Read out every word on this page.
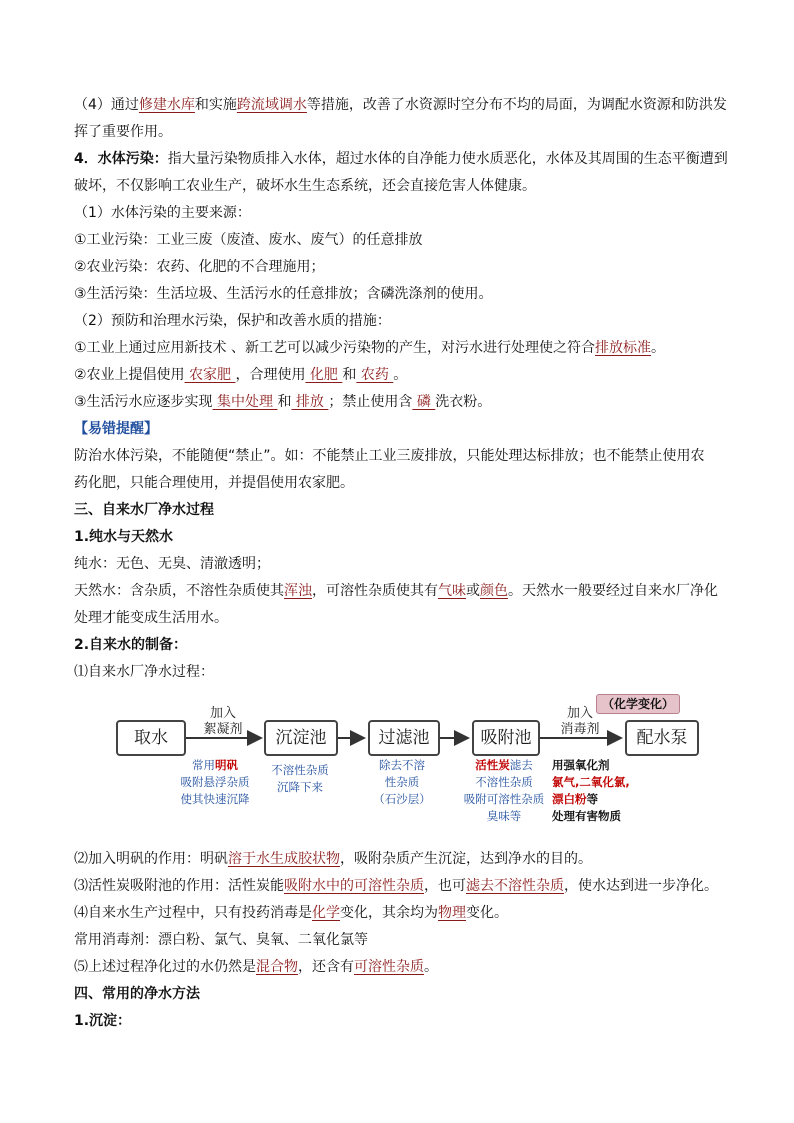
（4）通过修建水库和实施跨流域调水等措施，改善了水资源时空分布不均的局面，为调配水资源和防洪发
挥了重要作用。
4．水体污染：指大量污染物质排入水体，超过水体的自净能力使水质恶化，水体及其周围的生态平衡遭到
破坏，不仅影响工农业生产，破坏水生生态系统，还会直接危害人体健康。
（1）水体污染的主要来源：
①工业污染：工业三废（废渣、废水、废气）的任意排放
②农业污染：农药、化肥的不合理施用；
③生活污染：生活垃圾、生活污水的任意排放；含磷洗涤剂的使用。
（2）预防和治理水污染，保护和改善水质的措施：
①工业上通过应用新技术 、新工艺可以减少污染物的产生，对污水进行处理使之符合排放标准。
②农业上提倡使用 农家肥 ，合理使用 化肥 和 农药 。
③生活污水应逐步实现 集中处理 和 排放 ；禁止使用含 磷 洗衣粉。
【易错提醒】
防治水体污染，不能随便“禁止”。如：不能禁止工业三废排放，只能处理达标排放；也不能禁止使用农
药化肥，只能合理使用，并提倡使用农家肥。
三、自来水厂净水过程
1.纯水与天然水
纯水：无色、无臭、清澈透明；
天然水：含杂质，不溶性杂质使其浑浊，可溶性杂质使其有气味或颜色。天然水一般要经过自来水厂净化
处理才能变成生活用水。
2.自来水的制备：
⑴自来水厂净水过程：
（化学变化）
加入
絮凝剂
加入
消毒剂
取水	沉淀池	过滤池	吸附池	配水泵
常用明矾
吸附悬浮杂质
使其快速沉降
不溶性杂质
沉降下来
除去不溶
性杂质
（石沙层）
活性炭滤去
不溶性杂质
吸附可溶性杂质
臭味等
用强氧化剂
氯气,二氧化氯,
漂白粉等
处理有害物质
⑵加入明矾的作用：明矾溶于水生成胶状物，吸附杂质产生沉淀，达到净水的目的。
⑶活性炭吸附池的作用：活性炭能吸附水中的可溶性杂质，也可滤去不溶性杂质，使水达到进一步净化。
⑷自来水生产过程中，只有投药消毒是化学变化，其余均为物理变化。
常用消毒剂：漂白粉、氯气、臭氧、二氧化氯等
⑸上述过程净化过的水仍然是混合物，还含有可溶性杂质。
四、常用的净水方法
1.沉淀：
